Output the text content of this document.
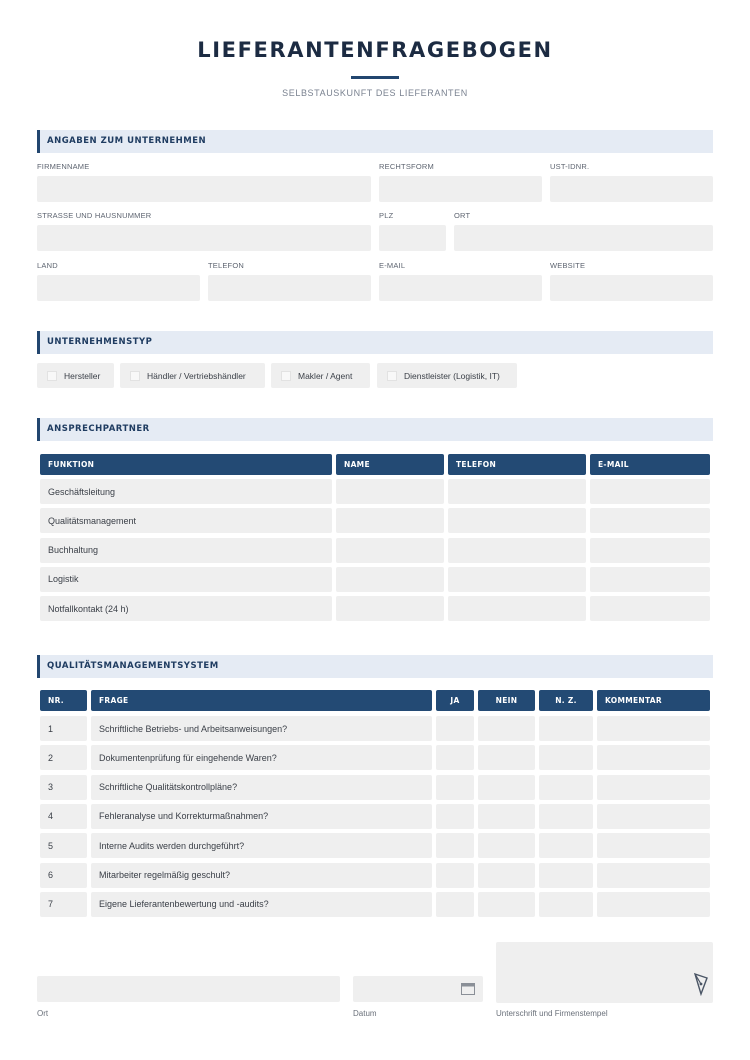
LIEFERANTENFRAGEBOGEN
SELBSTAUSKUNFT DES LIEFERANTEN
ANGABEN ZUM UNTERNEHMEN
FIRMENNAME	RECHTSFORM	UST-IDNR.
STRASSE UND HAUSNUMMER	PLZ	ORT
LAND	TELEFON	E-MAIL	WEBSITE
UNTERNEHMENSTYP
Hersteller	Händler / Vertriebshändler	Makler / Agent	Dienstleister (Logistik, IT)
ANSPRECHPARTNER
FUNKTION	NAME	TELEFON	E-MAIL
Geschäftsleitung
Qualitätsmanagement
Buchhaltung
Logistik
Notfallkontakt (24 h)
QUALITÄTSMANAGEMENTSYSTEM
NR.	FRAGE	JA	NEIN	N. Z.	KOMMENTAR
1	Schriftliche Betriebs- und Arbeitsanweisungen?
2	Dokumentenprüfung für eingehende Waren?
3	Schriftliche Qualitätskontrollpläne?
4	Fehleranalyse und Korrekturmaßnahmen?
5	Interne Audits werden durchgeführt?
6	Mitarbeiter regelmäßig geschult?
7	Eigene Lieferantenbewertung und -audits?
Ort	Datum	Unterschrift und Firmenstempel
